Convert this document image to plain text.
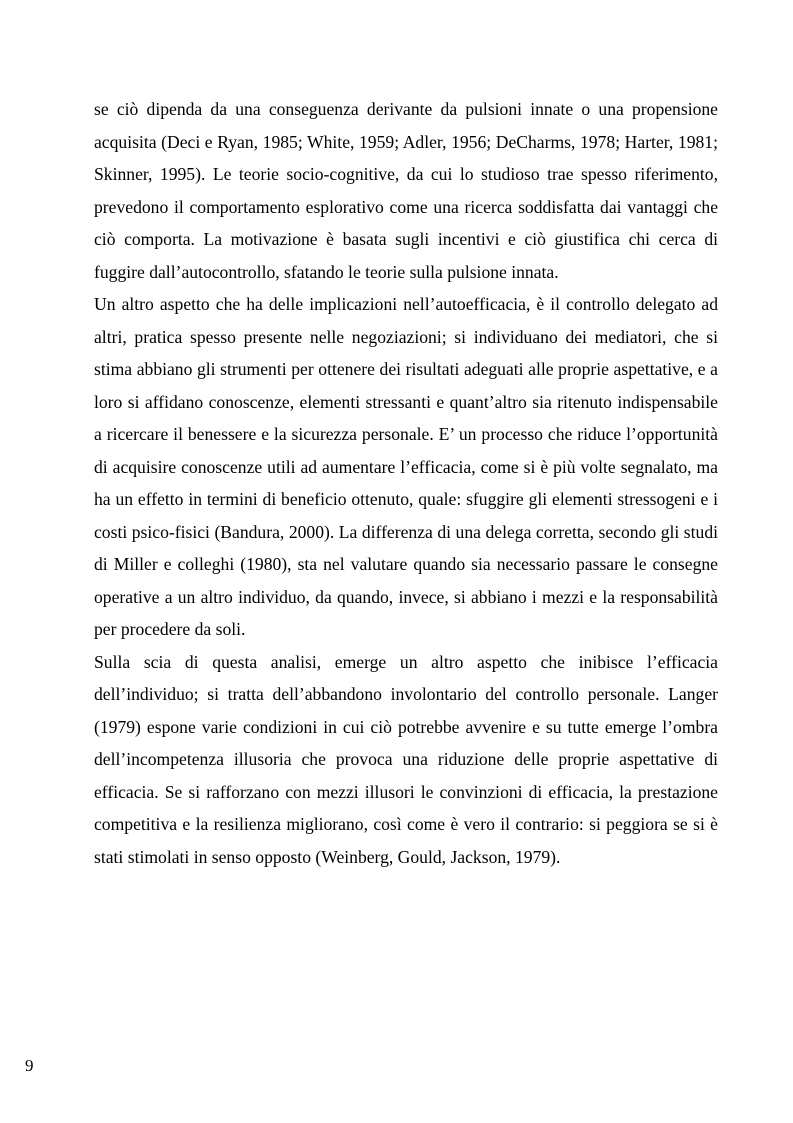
se ciò dipenda da una conseguenza derivante da pulsioni innate o una propensione acquisita (Deci e Ryan, 1985; White, 1959; Adler, 1956; DeCharms, 1978; Harter, 1981; Skinner, 1995). Le teorie socio-cognitive, da cui lo studioso trae spesso riferimento, prevedono il comportamento esplorativo come una ricerca soddisfatta dai vantaggi che ciò comporta. La motivazione è basata sugli incentivi e ciò giustifica chi cerca di fuggire dall’autocontrollo, sfatando le teorie sulla pulsione innata.

Un altro aspetto che ha delle implicazioni nell’autoefficacia, è il controllo delegato ad altri, pratica spesso presente nelle negoziazioni; si individuano dei mediatori, che si stima abbiano gli strumenti per ottenere dei risultati adeguati alle proprie aspettative, e a loro si affidano conoscenze, elementi stressanti e quant’altro sia ritenuto indispensabile a ricercare il benessere e la sicurezza personale. E’ un processo che riduce l’opportunità di acquisire conoscenze utili ad aumentare l’efficacia, come si è più volte segnalato, ma ha un effetto in termini di beneficio ottenuto, quale: sfuggire gli elementi stressogeni e i costi psico-fisici (Bandura, 2000). La differenza di una delega corretta, secondo gli studi di Miller e colleghi (1980), sta nel valutare quando sia necessario passare le consegne operative a un altro individuo, da quando, invece, si abbiano i mezzi e la responsabilità per procedere da soli.

Sulla scia di questa analisi, emerge un altro aspetto che inibisce l’efficacia dell’individuo; si tratta dell’abbandono involontario del controllo personale. Langer (1979) espone varie condizioni in cui ciò potrebbe avvenire e su tutte emerge l’ombra dell’incompetenza illusoria che provoca una riduzione delle proprie aspettative di efficacia. Se si rafforzano con mezzi illusori le convinzioni di efficacia, la prestazione competitiva e la resilienza migliorano, così come è vero il contrario: si peggiora se si è stati stimolati in senso opposto (Weinberg, Gould, Jackson, 1979).

9
